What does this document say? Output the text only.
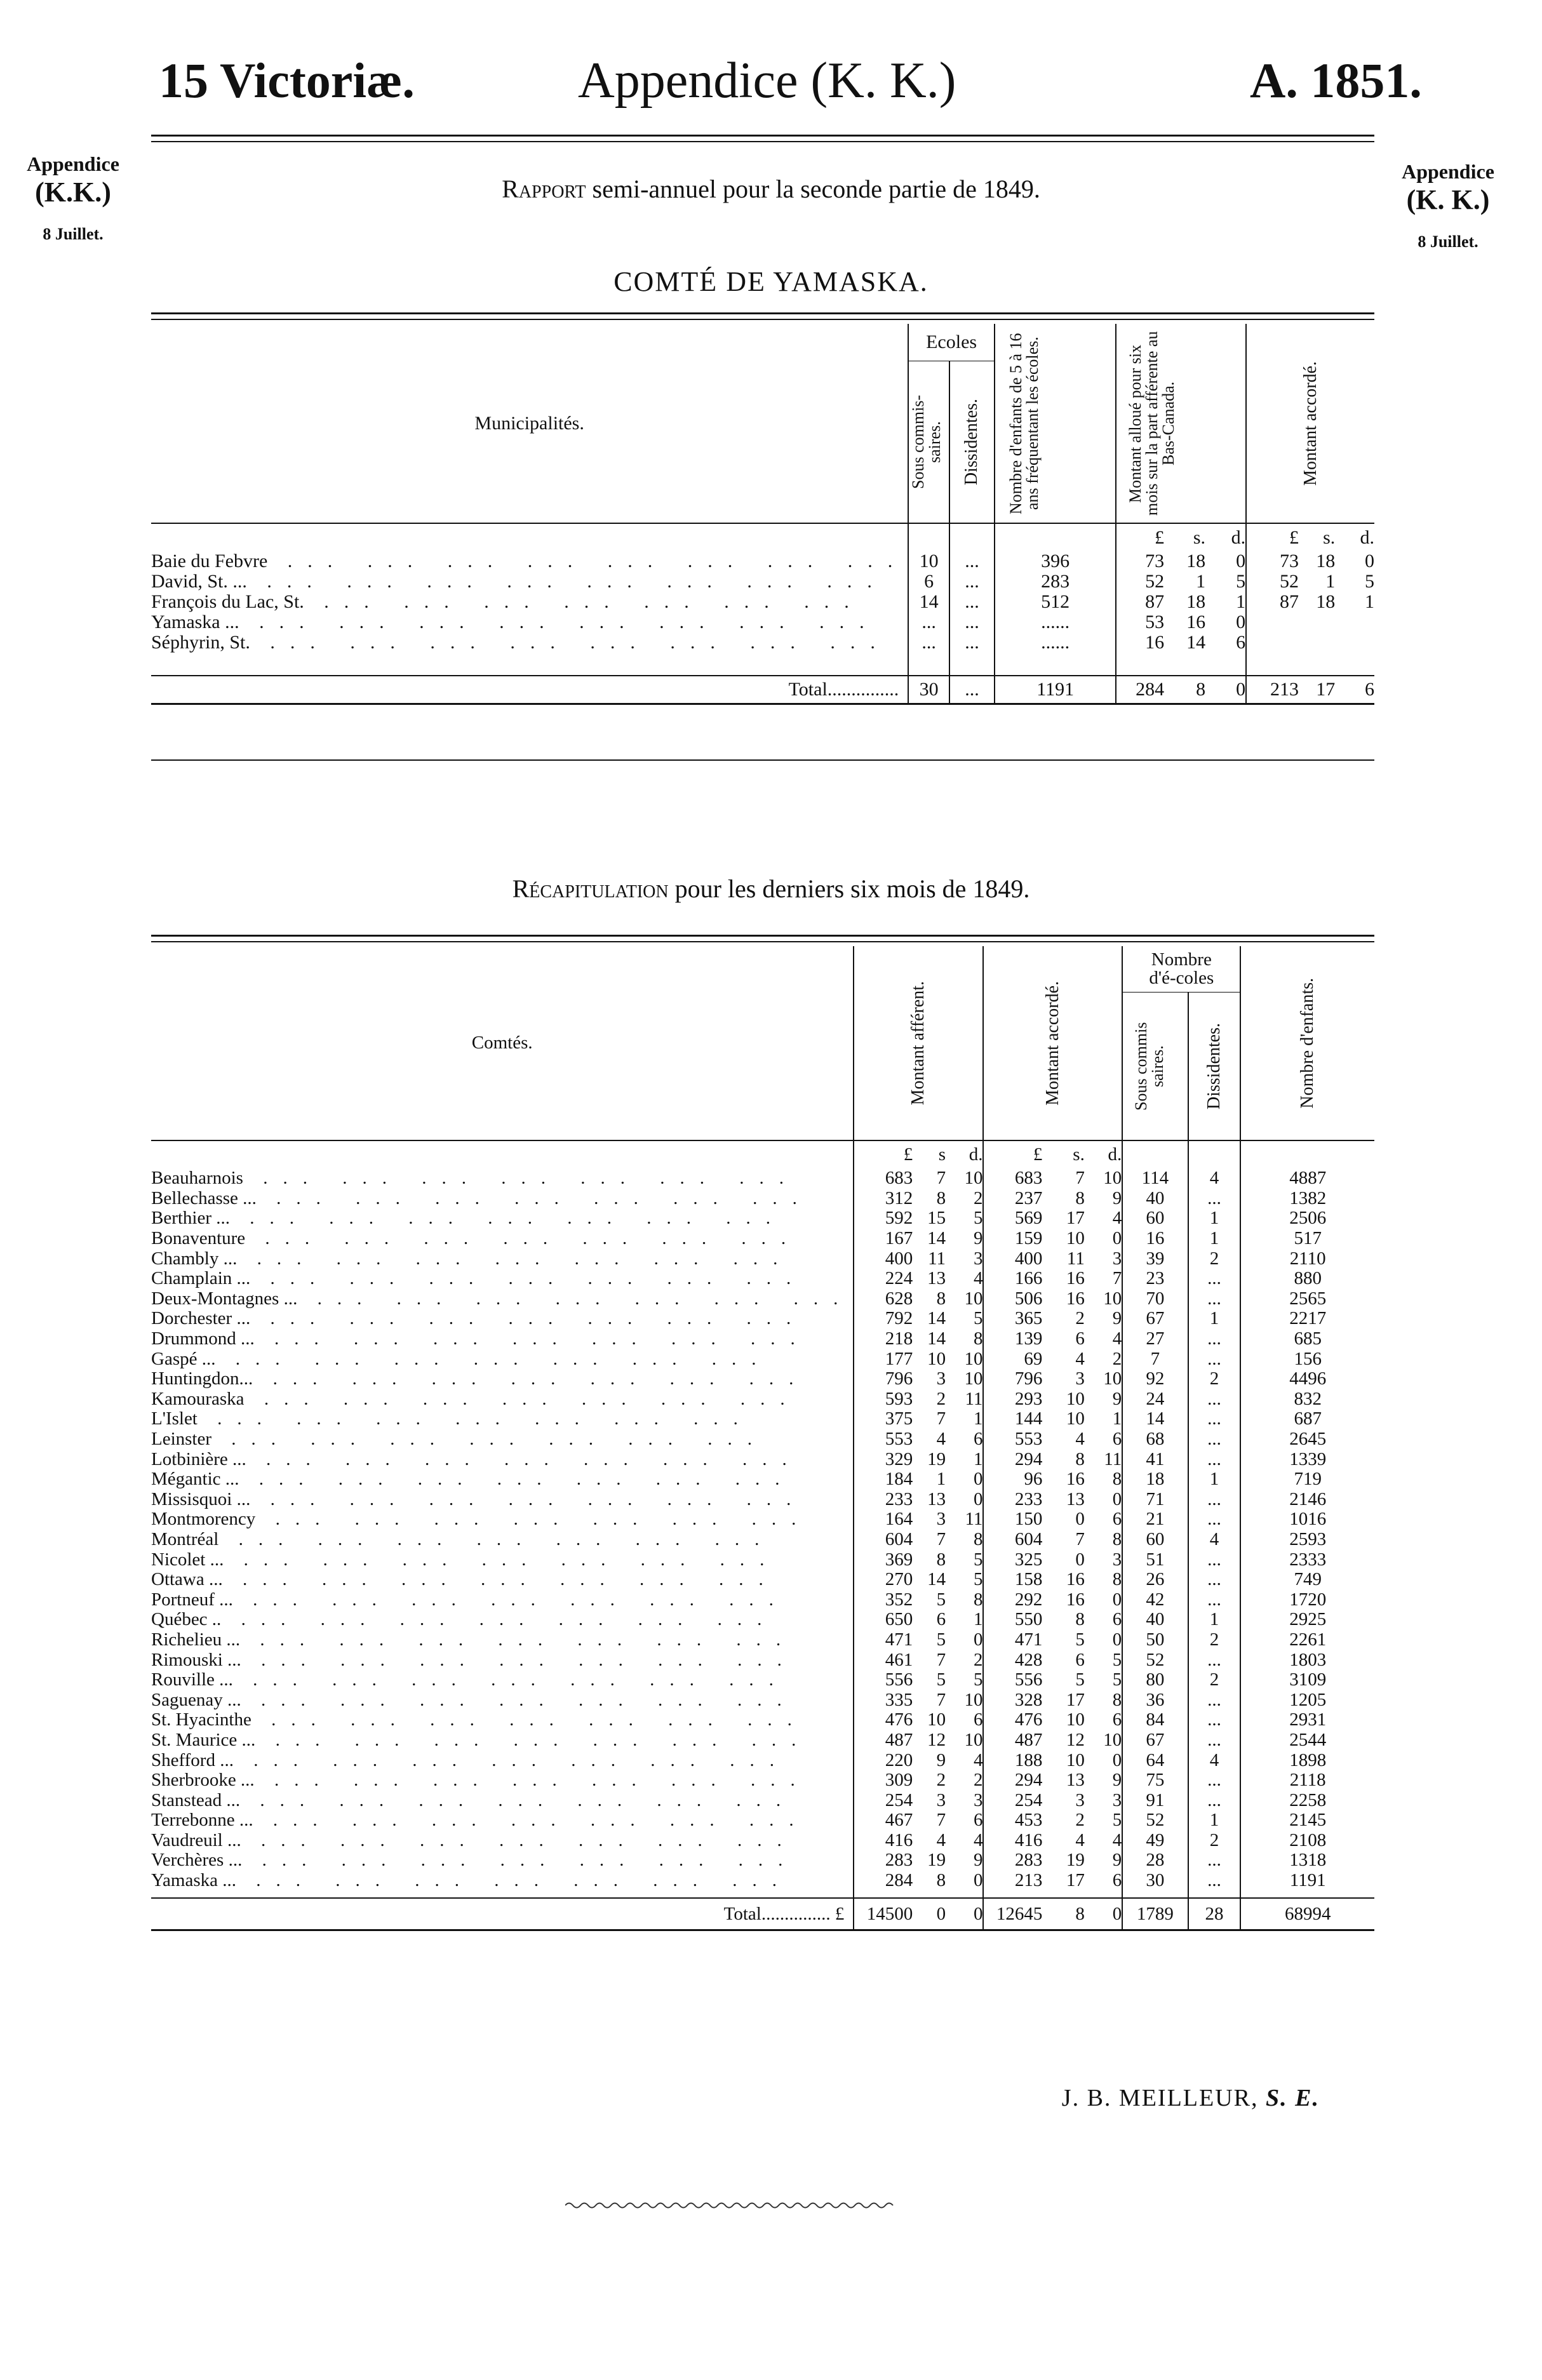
15 Victoriæ.	Appendice (K. K.)	A. 1851.
Appendice
(K.K.)
8 Juillet.
Appendice
(K. K.)
8 Juillet.
Rapport semi-annuel pour la seconde partie de 1849.
COMTÉ DE YAMASKA.
Municipalités.	Ecoles		Nombre d'enfants de 5 à 16 ans fréquentant les écoles.	Montant alloué pour six mois sur la part afférente au Bas-Canada.			Montant accordé.		

	Sous commis-saires.	Dissidentes.							

				£	s.	d.	£	s.	d.
Baie du Febvre ... ... ... ... ... ... ... ...	10	...	396	73	18	0	73	18	0
David, St. ... ... ... ... ... ... ... ... ...	6	...	283	52	1	5	52	1	5
François du Lac, St. ... ... ... ... ... ... ...	14	...	512	87	18	1	87	18	1
Yamaska ... ... ... ... ... ... ... ... ...	...	...	......	53	16	0			
Séphyrin, St. ... ... ... ... ... ... ... ...	...	...	......	16	14	6			

Total...............	30	...	1191	284	8	0	213	17	6
Récapitulation pour les derniers six mois de 1849.
Comtés.	Montant afférent.			Montant accordé.			Nombre d'é-coles		Nombre d'enfants.

							Sous commis saires.	Dissidentes.	

	£	s	d.	£	s.	d.			
Beauharnois ... ... ... ... ... ... ...	683	7	10	683	7	10	114	4	4887
Bellechasse ... ... ... ... ... ... ... ...	312	8	2	237	8	9	40	...	1382
Berthier ... ... ... ... ... ... ... ...	592	15	5	569	17	4	60	1	2506
Bonaventure ... ... ... ... ... ... ...	167	14	9	159	10	0	16	1	517
Chambly ... ... ... ... ... ... ... ...	400	11	3	400	11	3	39	2	2110
Champlain ... ... ... ... ... ... ... ...	224	13	4	166	16	7	23	...	880
Deux-Montagnes ... ... ... ... ... ... ... ...	628	8	10	506	16	10	70	...	2565
Dorchester ... ... ... ... ... ... ... ...	792	14	5	365	2	9	67	1	2217
Drummond ... ... ... ... ... ... ... ...	218	14	8	139	6	4	27	...	685
Gaspé ... ... ... ... ... ... ... ...	177	10	10	69	4	2	7	...	156
Huntingdon... ... ... ... ... ... ... ...	796	3	10	796	3	10	92	2	4496
Kamouraska ... ... ... ... ... ... ...	593	2	11	293	10	9	24	...	832
L'Islet ... ... ... ... ... ... ...	375	7	1	144	10	1	14	...	687
Leinster ... ... ... ... ... ... ...	553	4	6	553	4	6	68	...	2645
Lotbinière ... ... ... ... ... ... ... ...	329	19	1	294	8	11	41	...	1339
Mégantic ... ... ... ... ... ... ... ...	184	1	0	96	16	8	18	1	719
Missisquoi ... ... ... ... ... ... ... ...	233	13	0	233	13	0	71	...	2146
Montmorency ... ... ... ... ... ... ...	164	3	11	150	0	6	21	...	1016
Montréal ... ... ... ... ... ... ...	604	7	8	604	7	8	60	4	2593
Nicolet ... ... ... ... ... ... ... ...	369	8	5	325	0	3	51	...	2333
Ottawa ... ... ... ... ... ... ... ...	270	14	5	158	16	8	26	...	749
Portneuf ... ... ... ... ... ... ... ...	352	5	8	292	16	0	42	...	1720
Québec .. ... ... ... ... ... ... ...	650	6	1	550	8	6	40	1	2925
Richelieu ... ... ... ... ... ... ... ...	471	5	0	471	5	0	50	2	2261
Rimouski ... ... ... ... ... ... ... ...	461	7	2	428	6	5	52	...	1803
Rouville ... ... ... ... ... ... ... ...	556	5	5	556	5	5	80	2	3109
Saguenay ... ... ... ... ... ... ... ...	335	7	10	328	17	8	36	...	1205
St. Hyacinthe ... ... ... ... ... ... ...	476	10	6	476	10	6	84	...	2931
St. Maurice ... ... ... ... ... ... ... ...	487	12	10	487	12	10	67	...	2544
Shefford ... ... ... ... ... ... ... ...	220	9	4	188	10	0	64	4	1898
Sherbrooke ... ... ... ... ... ... ... ...	309	2	2	294	13	9	75	...	2118
Stanstead ... ... ... ... ... ... ... ...	254	3	3	254	3	3	91	...	2258
Terrebonne ... ... ... ... ... ... ... ...	467	7	6	453	2	5	52	1	2145
Vaudreuil ... ... ... ... ... ... ... ...	416	4	4	416	4	4	49	2	2108
Verchères ... ... ... ... ... ... ... ...	283	19	9	283	19	9	28	...	1318
Yamaska ... ... ... ... ... ... ... ...	284	8	0	213	17	6	30	...	1191

Total............... £	14500	0	0	12645	8	0	1789	28	68994
J. B. MEILLEUR, S. E.
